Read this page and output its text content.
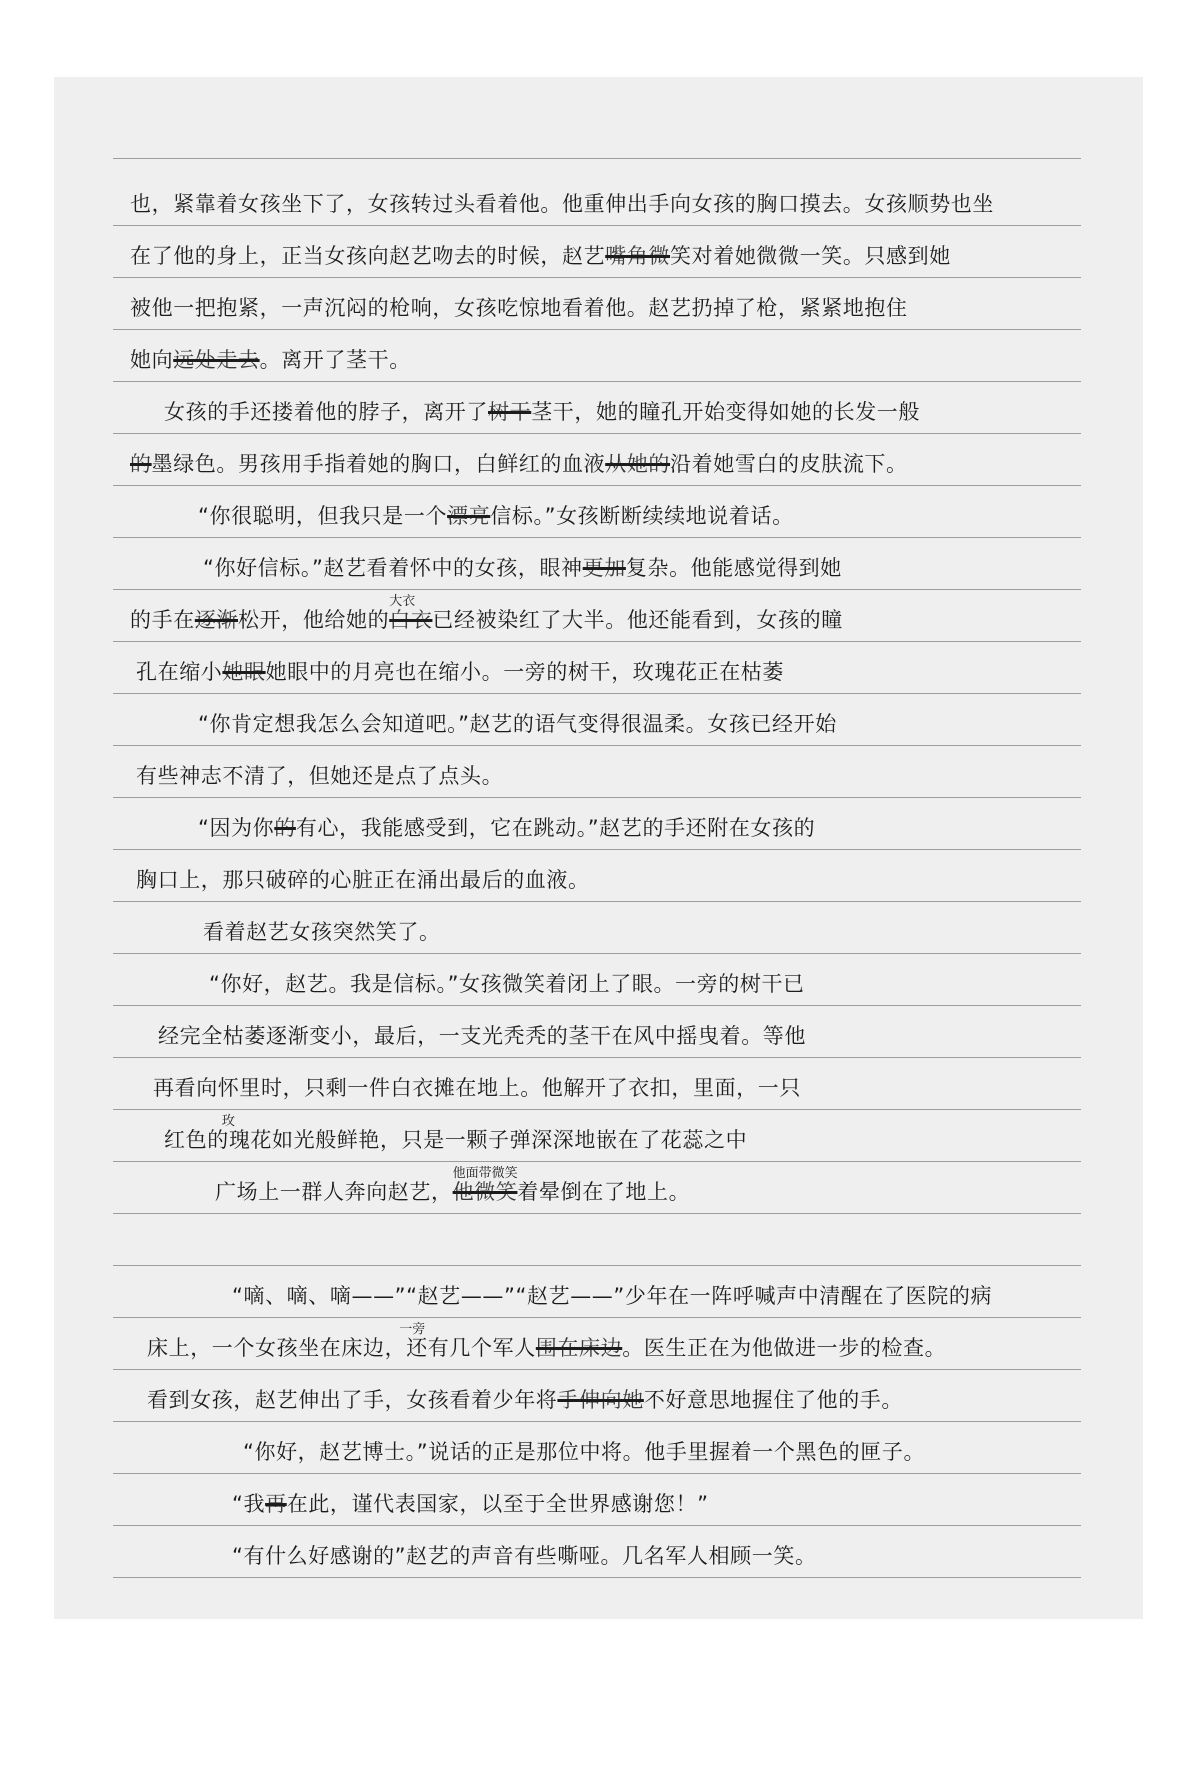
也，紧靠着女孩坐下了，女孩转过头看着他。他重伸出手向女孩的胸口摸去。女孩顺势也坐
在了他的身上，正当女孩向赵艺吻去的时候，赵艺嘴角微笑对着她微微一笑。只感到她
被他一把抱紧，一声沉闷的枪响，女孩吃惊地看着他。赵艺扔掉了枪，紧紧地抱住
她向远处走去。离开了茎干。
女孩的手还搂着他的脖子，离开了树干茎干，她的瞳孔开始变得如她的长发一般
的墨绿色。男孩用手指着她的胸口，白鲜红的血液从她的沿着她雪白的皮肤流下。
“你很聪明，但我只是一个漂亮信标。”女孩断断续续地说着话。
“你好信标。”赵艺看着怀中的女孩，眼神更加复杂。他能感觉得到她
的手在逐渐松开，他给她的
大衣
白衣已经被染红了大半。他还能看到，女孩的瞳
孔在缩小她眼她眼中的月亮也在缩小。一旁的树干，玫瑰花正在枯萎
“你肯定想我怎么会知道吧。”赵艺的语气变得很温柔。女孩已经开始
有些神志不清了，但她还是点了点头。
“因为你的有心，我能感受到，它在跳动。”赵艺的手还附在女孩的
胸口上，那只破碎的心脏正在涌出最后的血液。
看着赵艺女孩突然笑了。
“你好，赵艺。我是信标。”女孩微笑着闭上了眼。一旁的树干已
经完全枯萎逐渐变小，最后，一支光秃秃的茎干在风中摇曳着。等他
再看向怀里时，只剩一件白衣摊在地上。他解开了衣扣，里面，一只
红色的
玫
瑰花如光般鲜艳，只是一颗子弹深深地嵌在了花蕊之中
广场上一群人奔向赵艺，
他面带微笑
他微笑着晕倒在了地上。
“嘀、嘀、嘀——”“赵艺——”“赵艺——”少年在一阵呼喊声中清醒在了医院的病
床上，一个女孩坐在床边，
一旁
还有几个军人围在床边。医生正在为他做进一步的检查。
看到女孩，赵艺伸出了手，女孩看着少年将手伸向她不好意思地握住了他的手。
“你好，赵艺博士。”说话的正是那位中将。他手里握着一个黑色的匣子。
“我再在此，谨代表国家，以至于全世界感谢您！”
“有什么好感谢的”赵艺的声音有些嘶哑。几名军人相顾一笑。
